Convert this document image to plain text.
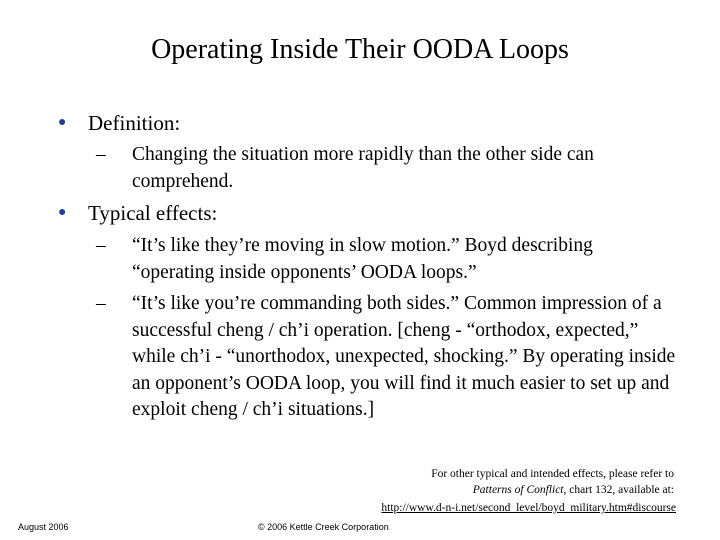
Operating Inside Their OODA Loops
● Definition:
– Changing the situation more rapidly than the other side can comprehend.
● Typical effects:
– “It’s like they’re moving in slow motion.” Boyd describing “operating inside opponents’ OODA loops.”
– “It’s like you’re commanding both sides.” Common impression of a successful cheng / ch’i operation. [cheng - “orthodox, expected,” while ch’i - “unorthodox, unexpected, shocking.” By operating inside an opponent’s OODA loop, you will find it much easier to set up and exploit cheng / ch’i situations.]
For other typical and intended effects, please refer to
Patterns of Conflict, chart 132, available at:
http://www.d-n-i.net/second_level/boyd_military.htm#discourse
August 2006	© 2006 Kettle Creek Corporation
